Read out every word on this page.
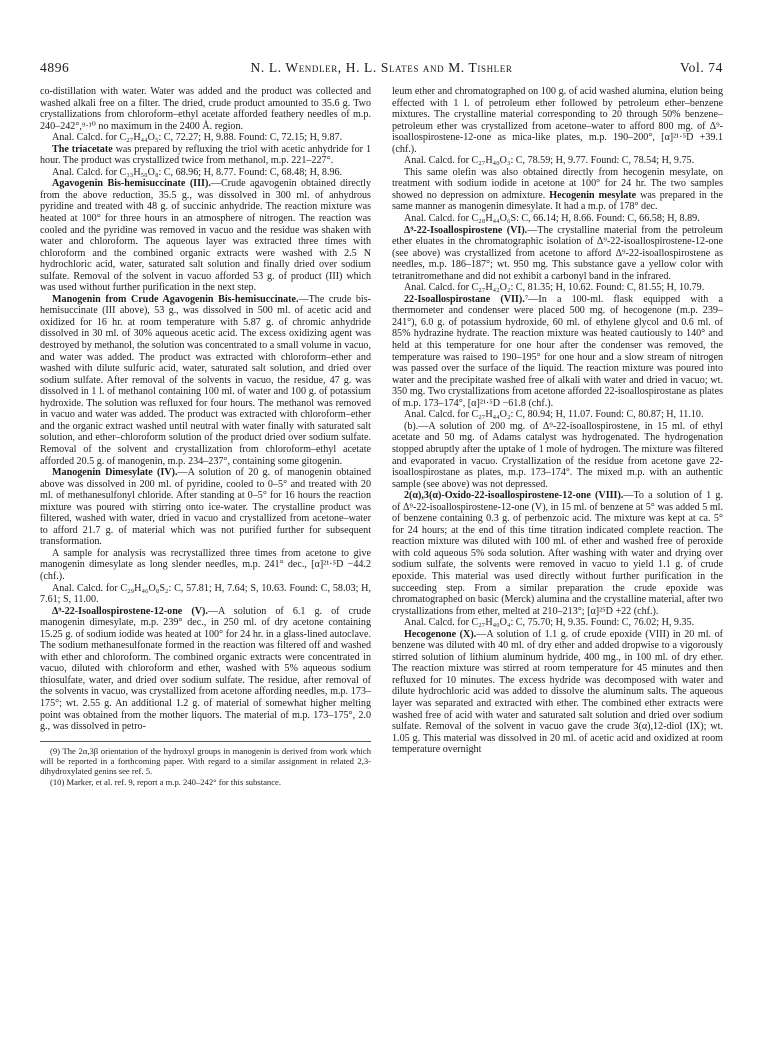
4896	N. L. Wendler, H. L. Slates and M. Tishler	Vol. 74

co-distillation with water. Water was added and the product was collected and washed alkali free on a filter. The dried, crude product amounted to 35.6 g. Two crystallizations from chloroform–ethyl acetate afforded feathery needles of m.p. 240–242°,⁹·¹⁰ no maximum in the 2400 Å. region.

Anal. Calcd. for C₂₇H₄₄O₅: C, 72.27; H, 9.88. Found: C, 72.15; H, 9.87.

The triacetate was prepared by refluxing the triol with acetic anhydride for 1 hour. The product was crystallized twice from methanol, m.p. 221–227°.

Anal. Calcd. for C₃₃H₅₀O₈: C, 68.96; H, 8.77. Found: C, 68.48; H, 8.96.

Agavogenin Bis-hemisuccinate (III).—Crude agavogenin obtained directly from the above reduction, 35.5 g., was dissolved in 300 ml. of anhydrous pyridine and treated with 48 g. of succinic anhydride. The reaction mixture was heated at 100° for three hours in an atmosphere of nitrogen. The reaction was cooled and the pyridine was removed in vacuo and the residue was shaken with water and chloroform. The aqueous layer was extracted three times with chloroform and the combined organic extracts were washed with 2.5 N hydrochloric acid, water, saturated salt solution and finally dried over sodium sulfate. Removal of the solvent in vacuo afforded 53 g. of product (III) which was used without further purification in the next step.

Manogenin from Crude Agavogenin Bis-hemisuccinate.—The crude bis-hemisuccinate (III above), 53 g., was dissolved in 500 ml. of acetic acid and oxidized for 16 hr. at room temperature with 5.87 g. of chromic anhydride dissolved in 30 ml. of 30% aqueous acetic acid. The excess oxidizing agent was destroyed by methanol, the solution was concentrated to a small volume in vacuo, and water was added. The product was extracted with chloroform–ether and washed with dilute sulfuric acid, water, saturated salt solution, and dried over sodium sulfate. After removal of the solvents in vacuo, the residue, 47 g. was dissolved in 1 l. of methanol containing 100 ml. of water and 100 g. of potassium hydroxide. The solution was refluxed for four hours. The methanol was removed in vacuo and water was added. The product was extracted with chloroform–ether and the organic extract washed until neutral with water finally with saturated salt solution, and ether–chloroform solution of the product dried over sodium sulfate. Removal of the solvent and crystallization from chloroform–ethyl acetate afforded 20.5 g. of manogenin, m.p. 234–237°, containing some gitogenin.

Manogenin Dimesylate (IV).—A solution of 20 g. of manogenin obtained above was dissolved in 200 ml. of pyridine, cooled to 0–5° and treated with 20 ml. of methanesulfonyl chloride. After standing at 0–5° for 16 hours the reaction mixture was poured with stirring onto ice-water. The crystalline product was filtered, washed with water, dried in vacuo and crystallized from acetone–water to afford 21.7 g. of material which was not purified further for subsequent transformation.

A sample for analysis was recrystallized three times from acetone to give manogenin dimesylate as long slender needles, m.p. 241° dec., [α]²¹·⁵D −44.2 (chf.).

Anal. Calcd. for C₂₉H₄₆O₈S₂: C, 57.81; H, 7.64; S, 10.63. Found: C, 58.03; H, 7.61; S, 11.00.

Δ⁹-22-Isoallospirostene-12-one (V).—A solution of 6.1 g. of crude manogenin dimesylate, m.p. 239° dec., in 250 ml. of dry acetone containing 15.25 g. of sodium iodide was heated at 100° for 24 hr. in a glass-lined autoclave. The sodium methanesulfonate formed in the reaction was filtered off and washed with ether and chloroform. The combined organic extracts were concentrated in vacuo, diluted with chloroform and ether, washed with 5% aqueous sodium thiosulfate, water, and dried over sodium sulfate. The residue, after removal of the solvents in vacuo, was crystallized from acetone affording needles, m.p. 173–175°; wt. 2.55 g. An additional 1.2 g. of material of somewhat higher melting point was obtained from the mother liquors. The material of m.p. 173–175°, 2.0 g., was dissolved in petro-

(9) The 2α,3β orientation of the hydroxyl groups in manogenin is derived from work which will be reported in a forthcoming paper. With regard to a similar assignment in related 2,3-dihydroxylated genins see ref. 5.

(10) Marker, et al. ref. 9, report a m.p. 240–242° for this substance.

leum ether and chromatographed on 100 g. of acid washed alumina, elution being effected with 1 l. of petroleum ether followed by petroleum ether–benzene mixtures. The crystalline material corresponding to 20 through 50% benzene–petroleum ether was crystallized from acetone–water to afford 800 mg. of Δ⁹-isoallospirostene-12-one as mica-like plates, m.p. 190–200°, [α]²¹·⁵D +39.1 (chf.).

Anal. Calcd. for C₂₇H₄₀O₃: C, 78.59; H, 9.77. Found: C, 78.54; H, 9.75.

This same olefin was also obtained directly from hecogenin mesylate, on treatment with sodium iodide in acetone at 100° for 24 hr. The two samples showed no depression on admixture. Hecogenin mesylate was prepared in the same manner as manogenin dimesylate. It had a m.p. of 178° dec.

Anal. Calcd. for C₂₈H₄₄O₆S: C, 66.14; H, 8.66. Found: C, 66.58; H, 8.89.

Δ⁹-22-Isoallospirostene (VI).—The crystalline material from the petroleum ether eluates in the chromatographic isolation of Δ⁹-22-isoallospirostene-12-one (see above) was crystallized from acetone to afford Δ⁹-22-isoallospirostene as needles, m.p. 186–187°; wt. 950 mg. This substance gave a yellow color with tetranitromethane and did not exhibit a carbonyl band in the infrared.

Anal. Calcd. for C₂₇H₄₂O₂: C, 81.35; H, 10.62. Found: C, 81.55; H, 10.79.

22-Isoallospirostane (VII).⁷—In a 100-ml. flask equipped with a thermometer and condenser were placed 500 mg. of hecogenone (m.p. 239–241°), 6.0 g. of potassium hydroxide, 60 ml. of ethylene glycol and 0.6 ml. of 85% hydrazine hydrate. The reaction mixture was heated cautiously to 140° and held at this temperature for one hour after the condenser was removed, the temperature was raised to 190–195° for one hour and a slow stream of nitrogen was passed over the surface of the liquid. The reaction mixture was poured into water and the precipitate washed free of alkali with water and dried in vacuo; wt. 350 mg. Two crystallizations from acetone afforded 22-isoallospirostane as plates of m.p. 173–174°, [α]²¹·⁵D −61.8 (chf.).

Anal. Calcd. for C₂₇H₄₄O₂: C, 80.94; H, 11.07. Found: C, 80.87; H, 11.10.

(b).—A solution of 200 mg. of Δ⁹-22-isoallospirostene, in 15 ml. of ethyl acetate and 50 mg. of Adams catalyst was hydrogenated. The hydrogenation stopped abruptly after the uptake of 1 mole of hydrogen. The mixture was filtered and evaporated in vacuo. Crystallization of the residue from acetone gave 22-isoallospirostane as plates, m.p. 173–174°. The mixed m.p. with an authentic sample (see above) was not depressed.

2(α),3(α)-Oxido-22-isoallospirostene-12-one (VIII).—To a solution of 1 g. of Δ⁹-22-isoallospirostene-12-one (V), in 15 ml. of benzene at 5° was added 5 ml. of benzene containing 0.3 g. of perbenzoic acid. The mixture was kept at ca. 5° for 24 hours; at the end of this time titration indicated complete reaction. The reaction mixture was diluted with 100 ml. of ether and washed free of peroxide with cold aqueous 5% soda solution. After washing with water and drying over sodium sulfate, the solvents were removed in vacuo to yield 1.1 g. of crude epoxide. This material was used directly without further purification in the succeeding step. From a similar preparation the crude epoxide was chromatographed on basic (Merck) alumina and the crystalline material, after two crystallizations from ether, melted at 210–213°; [α]²⁵D +22 (chf.).

Anal. Calcd. for C₂₇H₄₀O₄: C, 75.70; H, 9.35. Found: C, 76.02; H, 9.35.

Hecogenone (X).—A solution of 1.1 g. of crude epoxide (VIII) in 20 ml. of benzene was diluted with 40 ml. of dry ether and added dropwise to a vigorously stirred solution of lithium aluminum hydride, 400 mg., in 100 ml. of dry ether. The reaction mixture was stirred at room temperature for 45 minutes and then refluxed for 10 minutes. The excess hydride was decomposed with water and dilute hydrochloric acid was added to dissolve the aluminum salts. The aqueous layer was separated and extracted with ether. The combined ether extracts were washed free of acid with water and saturated salt solution and dried over sodium sulfate. Removal of the solvent in vacuo gave the crude 3(α),12-diol (IX); wt. 1.05 g. This material was dissolved in 20 ml. of acetic acid and oxidized at room temperature overnight
